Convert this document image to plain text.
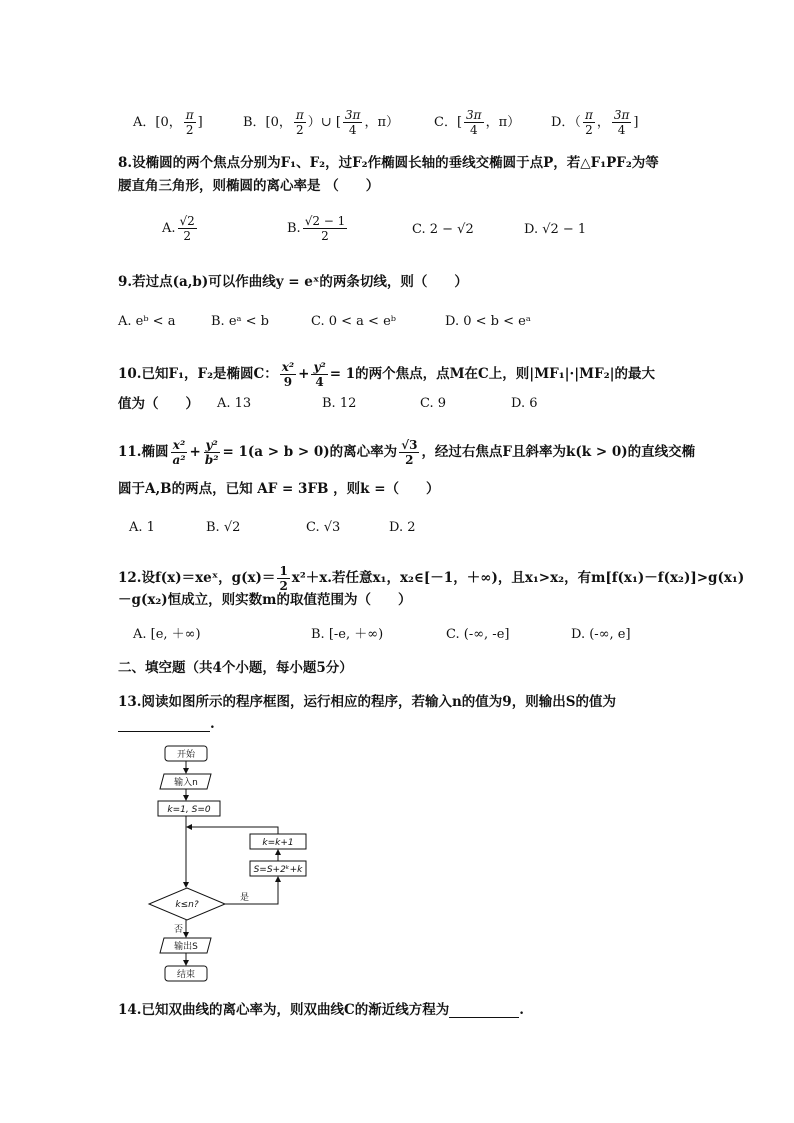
A．[0， $\frac{\pi}{2}$ ]	B．[0， $\frac{\pi}{2}$ ）∪ [ $\frac{3\pi}{4}$ ，π）	C．[ $\frac{3\pi}{4}$ ，π） D．（ $\frac{\pi}{2}$ ， $\frac{3\pi}{4}$ ]
8.设椭圆的两个焦点分别为F₁、F₂，过F₂作椭圆长轴的垂线交椭圆于点P，若△F₁PF₂为等
腰直角三角形，则椭圆的离心率是 （　　）
A. $\frac{√2}{2}$	B. $\frac{√2 - 1}{2}$	C. 2 − √2	D. √2 − 1
9.若过点(a,b)可以作曲线y = eˣ的两条切线，则（　　）
A. eᵇ < a	B. eᵃ < b	C. 0 < a < eᵇ	D. 0 < b < eᵃ
10.已知F₁，F₂是椭圆C： $\frac{\text{x²}}{9} + \frac{\text{y²}}{4} = 1$的两个焦点，点M在C上，则|MF₁|·|MF₂|的最大
值为（　　） A. 13	B. 12	C. 9	D. 6
11.椭圆 $\frac{\text{x²}}{\text{a²}} + \frac{\text{y²}}{\text{b²}} = 1(a > b > 0)$的离心率为 $\frac{√3}{2}$ ，经过右焦点F且斜率为k(k > 0)的直线交椭
圆于A,B的两点，已知 AF = 3FB ，则k =（　　）
A. 1	B. √2	C. √3	D. 2
12.设f(x)＝xeˣ，$g(x)= \frac{1}{2} x^2+x$.若任意x₁，x₂∈[－1，＋∞)，且x₁>x₂，有m[f(x₁)－f(x₂)]>g(x₁)
－g(x₂)恒成立，则实数m的取值范围为（　　）
A. [e, ＋∞)	B. [-e, ＋∞)	C. (-∞, -e]	D. (-∞, e]
二、填空题（共4个小题，每小题5分）
13.阅读如图所示的程序框图，运行相应的程序，若输入n的值为9，则输出S的值为
.
开始
输入n
k=1, S=0
k=k+1
S=S+2ᵏ+k
k≤n?
是
否
输出S
结束
14.已知双曲线的离心率为，则双曲线C的渐近线方程为	.
